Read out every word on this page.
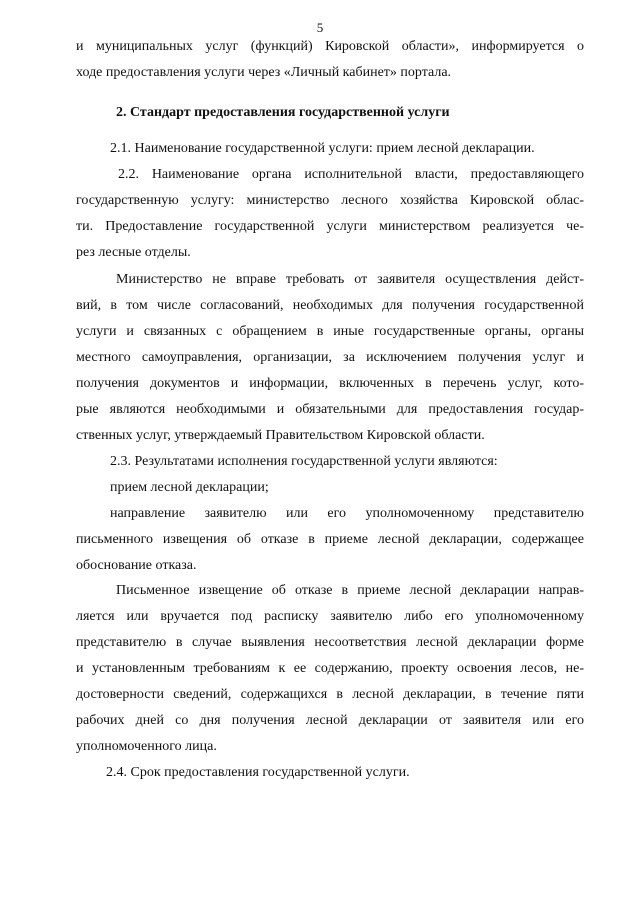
5
и муниципальных услуг (функций) Кировской области», информируется о
ходе предоставления услуги через «Личный кабинет» портала.
2. Стандарт предоставления государственной услуги
2.1. Наименование государственной услуги: прием лесной декларации.
2.2. Наименование органа исполнительной власти, предоставляющего
государственную услугу: министерство лесного хозяйства Кировской облас-
ти. Предоставление государственной услуги министерством реализуется че-
рез лесные отделы.
Министерство не вправе требовать от заявителя осуществления дейст-
вий, в том числе согласований, необходимых для получения государственной
услуги и связанных с обращением в иные государственные органы, органы
местного самоуправления, организации, за исключением получения услуг и
получения документов и информации, включенных в перечень услуг, кото-
рые являются необходимыми и обязательными для предоставления государ-
ственных услуг, утверждаемый Правительством Кировской области.
2.3. Результатами исполнения государственной услуги являются:
прием лесной декларации;
направление заявителю или его уполномоченному представителю
письменного извещения об отказе в приеме лесной декларации, содержащее
обоснование отказа.
Письменное извещение об отказе в приеме лесной декларации направ-
ляется или вручается под расписку заявителю либо его уполномоченному
представителю в случае выявления несоответствия лесной декларации форме
и установленным требованиям к ее содержанию, проекту освоения лесов, не-
достоверности сведений, содержащихся в лесной декларации, в течение пяти
рабочих дней со дня получения лесной декларации от заявителя или его
уполномоченного лица.
2.4. Срок предоставления государственной услуги.
